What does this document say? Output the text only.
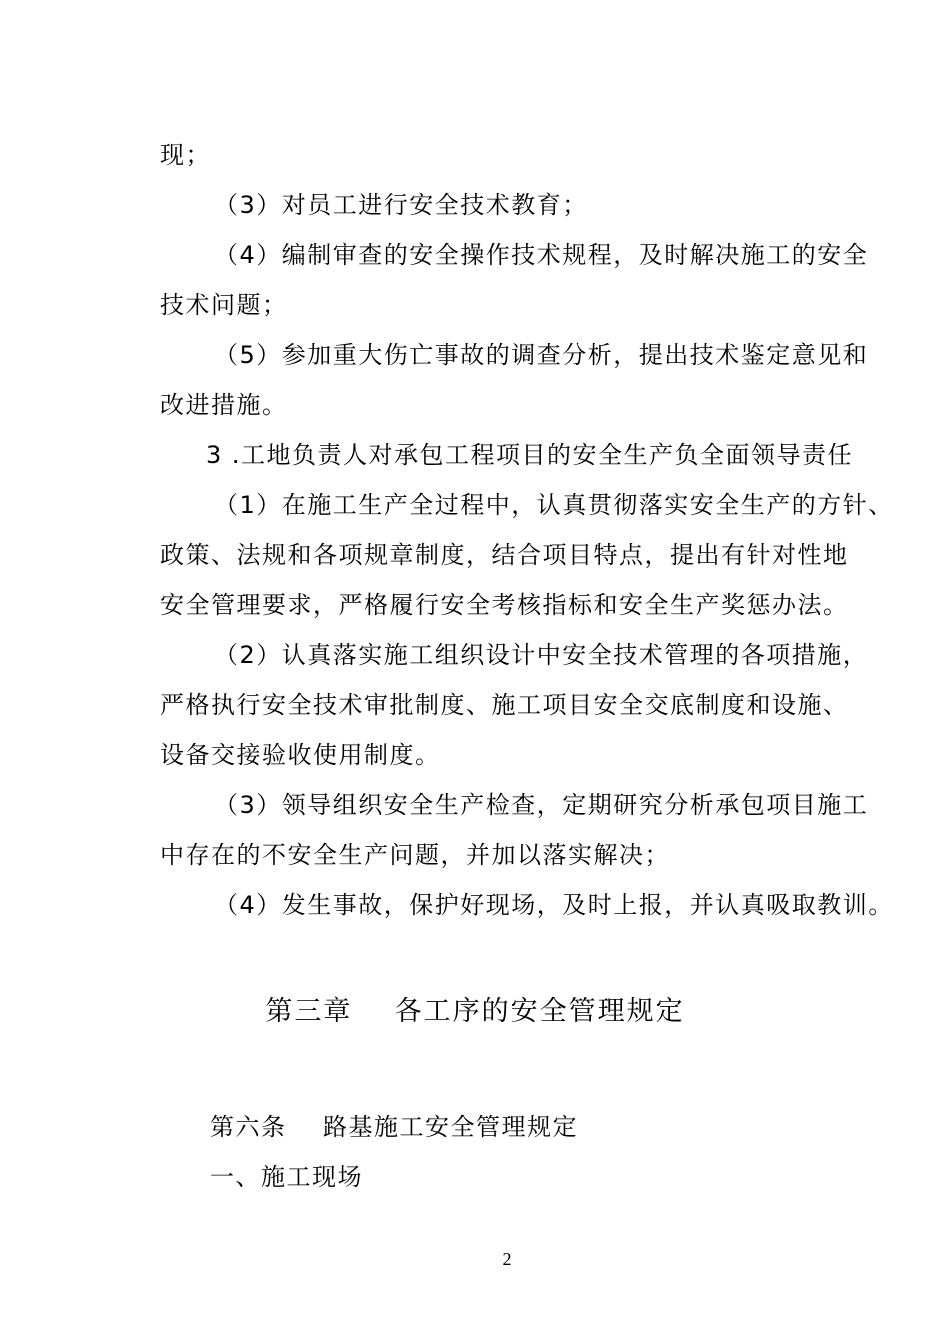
现；
（3）对员工进行安全技术教育；
（4）编制审查的安全操作技术规程，及时解决施工的安全
技术问题；
（5）参加重大伤亡事故的调查分析，提出技术鉴定意见和
改进措施。
3 .工地负责人对承包工程项目的安全生产负全面领导责任
（1）在施工生产全过程中，认真贯彻落实安全生产的方针、
政策、法规和各项规章制度，结合项目特点，提出有针对性地
安全管理要求，严格履行安全考核指标和安全生产奖惩办法。
（2）认真落实施工组织设计中安全技术管理的各项措施，
严格执行安全技术审批制度、施工项目安全交底制度和设施、
设备交接验收使用制度。
（3）领导组织安全生产检查，定期研究分析承包项目施工
中存在的不安全生产问题，并加以落实解决；
（4）发生事故，保护好现场，及时上报，并认真吸取教训。
第三章    各工序的安全管理规定
第六条    路基施工安全管理规定
一、施工现场
2
